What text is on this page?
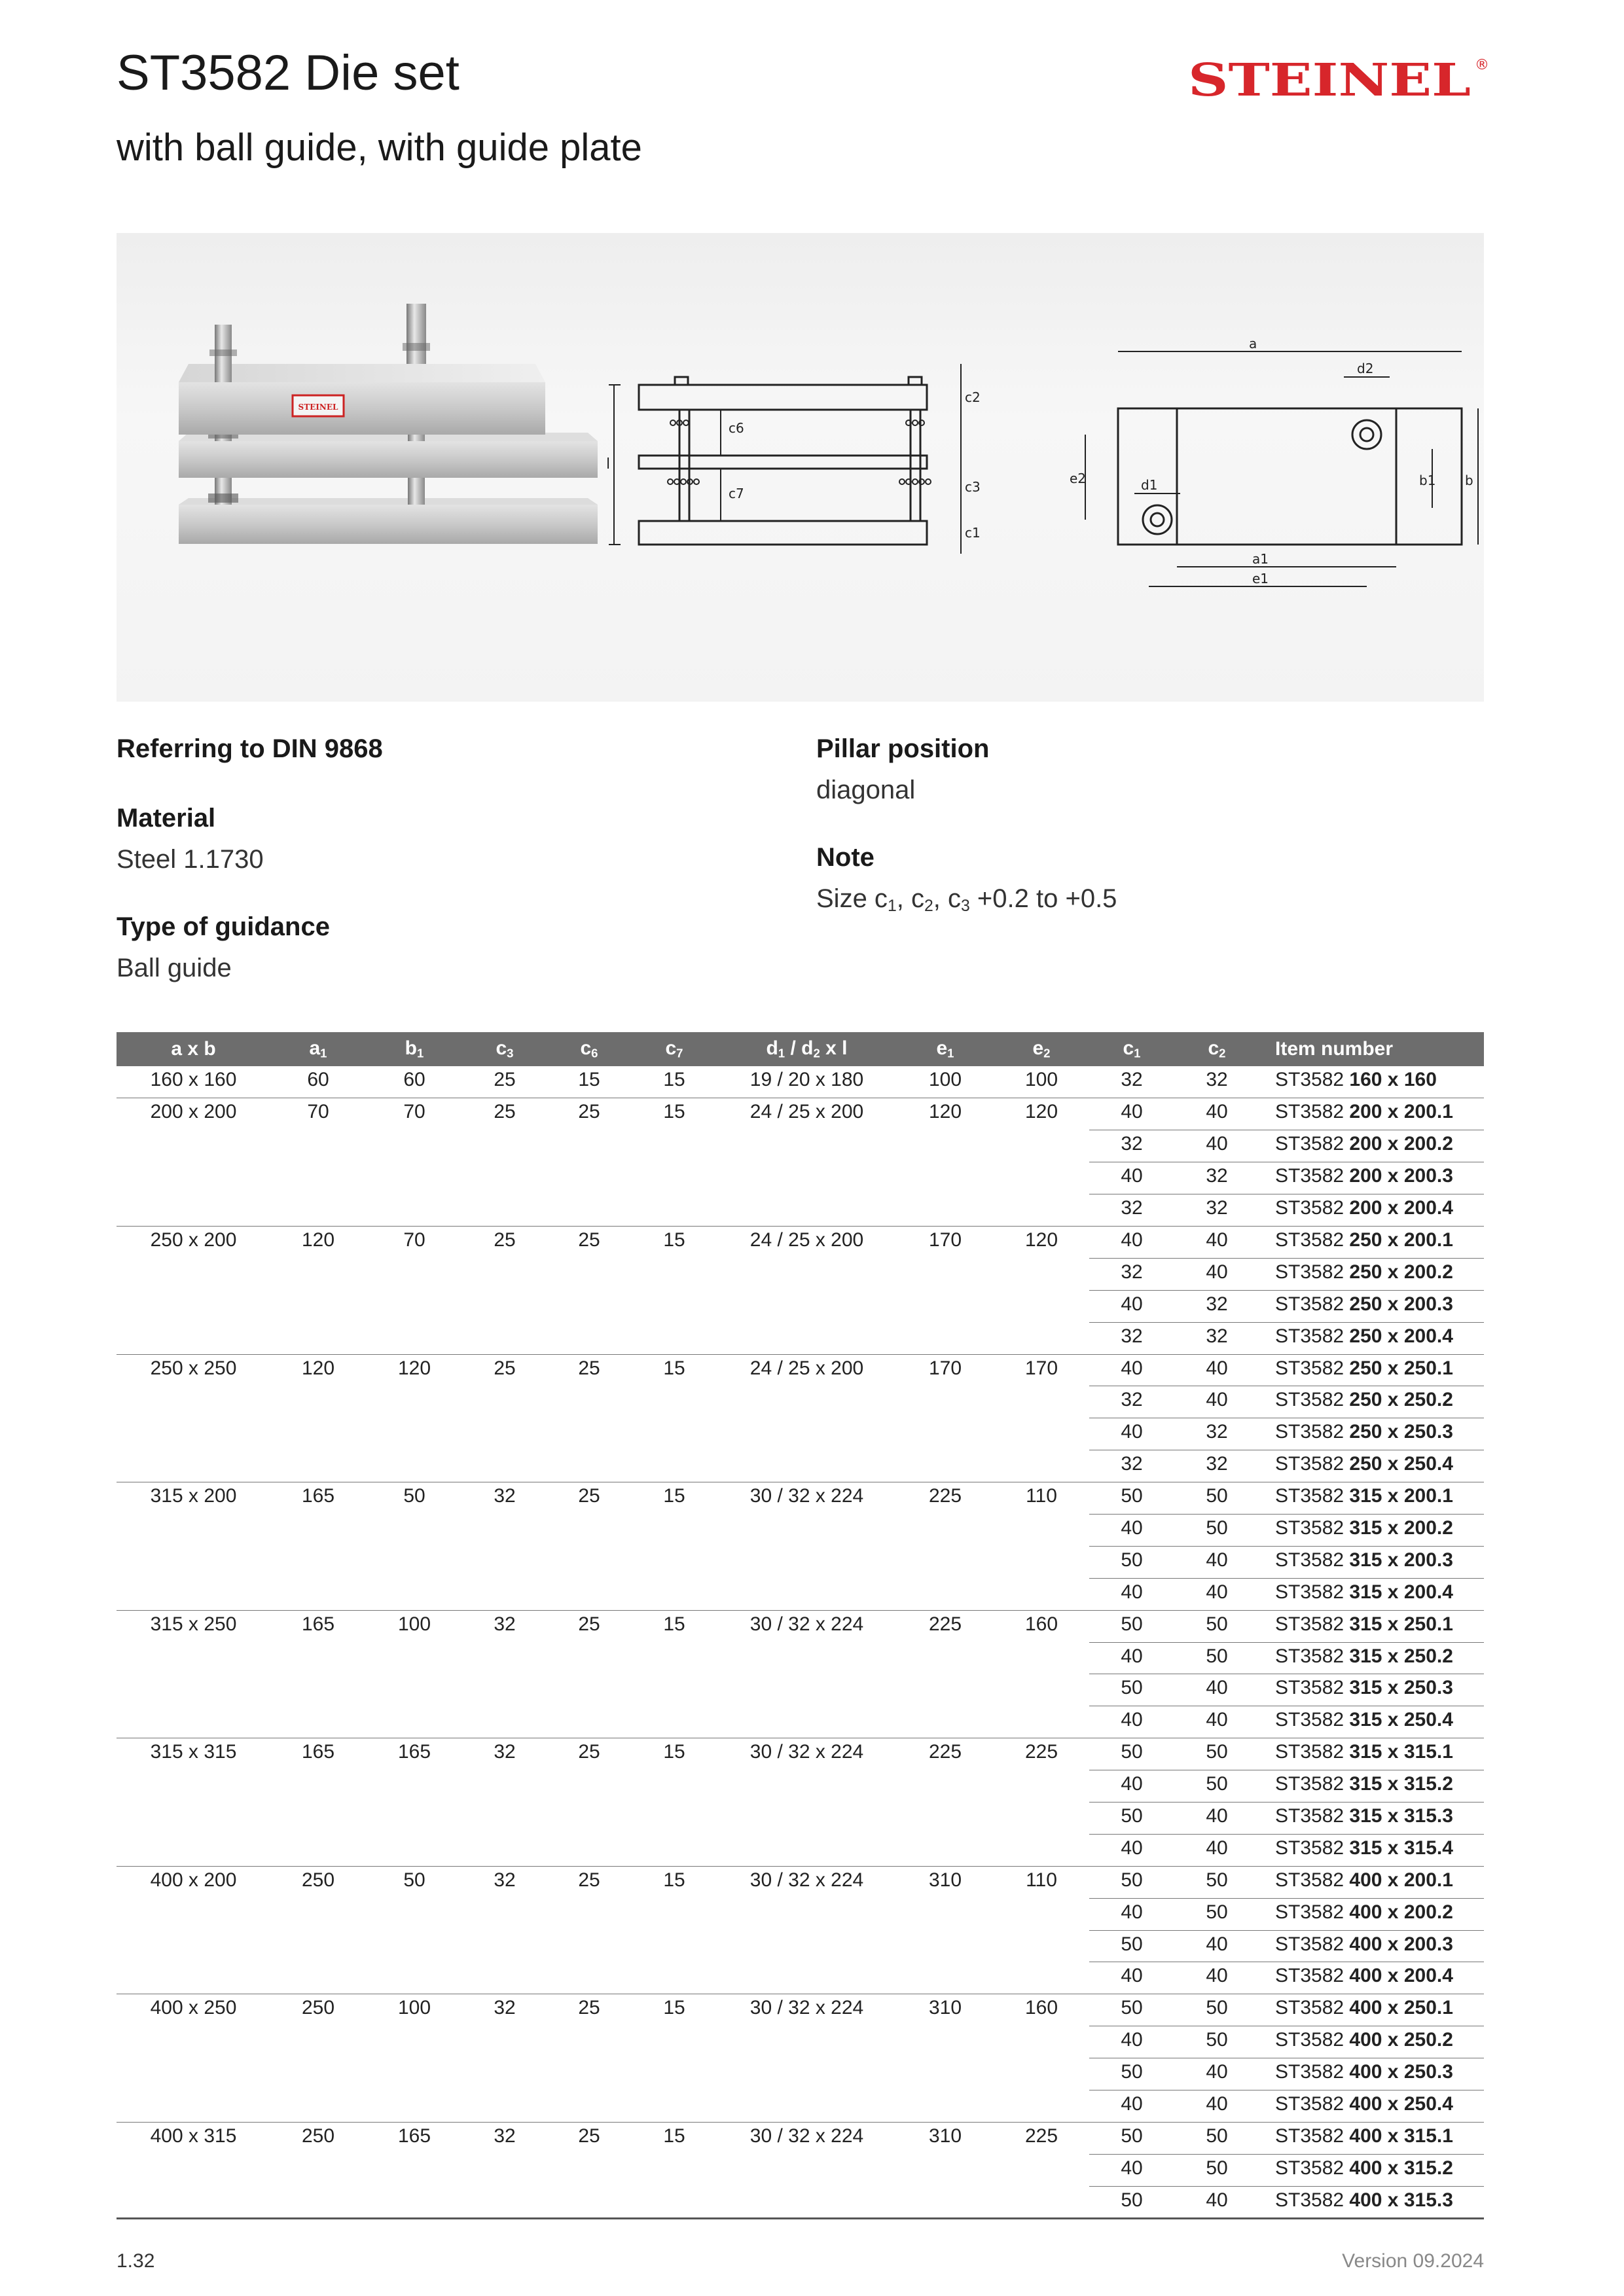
ST3582 Die set
with ball guide, with guide plate
STEINEL ®
STEINEL
l
c2
c3
c1
c6
c7
a
d2
d1
e2	b
b1
a1
e1
Referring to DIN 9868
Material
Steel 1.1730
Type of guidance
Ball guide
Pillar position
diagonal
Note
Size $c_1$, $c_2$, $c_3 +0.2$ to +0.5
a x b	$a_1$	$b_1$	$c_3$	$c_6$	$c_7$	$d_1 / d_2$ x l	$e_1$	$e_2$	$c_1$	$c_2$	Item number
160 x 160	60	60	25	15	15	19 / 20 x 180	100	100	32	32	ST3582 160 x 160
200 x 200	70	70	25	25	15	24 / 25 x 200	120	120	40	40	ST3582 200 x 200.1
									32	40	ST3582 200 x 200.2
									40	32	ST3582 200 x 200.3
									32	32	ST3582 200 x 200.4
250 x 200	120	70	25	25	15	24 / 25 x 200	170	120	40	40	ST3582 250 x 200.1
									32	40	ST3582 250 x 200.2
									40	32	ST3582 250 x 200.3
									32	32	ST3582 250 x 200.4
250 x 250	120	120	25	25	15	24 / 25 x 200	170	170	40	40	ST3582 250 x 250.1
									32	40	ST3582 250 x 250.2
									40	32	ST3582 250 x 250.3
									32	32	ST3582 250 x 250.4
315 x 200	165	50	32	25	15	30 / 32 x 224	225	110	50	50	ST3582 315 x 200.1
									40	50	ST3582 315 x 200.2
									50	40	ST3582 315 x 200.3
									40	40	ST3582 315 x 200.4
315 x 250	165	100	32	25	15	30 / 32 x 224	225	160	50	50	ST3582 315 x 250.1
									40	50	ST3582 315 x 250.2
									50	40	ST3582 315 x 250.3
									40	40	ST3582 315 x 250.4
315 x 315	165	165	32	25	15	30 / 32 x 224	225	225	50	50	ST3582 315 x 315.1
									40	50	ST3582 315 x 315.2
									50	40	ST3582 315 x 315.3
									40	40	ST3582 315 x 315.4
400 x 200	250	50	32	25	15	30 / 32 x 224	310	110	50	50	ST3582 400 x 200.1
									40	50	ST3582 400 x 200.2
									50	40	ST3582 400 x 200.3
									40	40	ST3582 400 x 200.4
400 x 250	250	100	32	25	15	30 / 32 x 224	310	160	50	50	ST3582 400 x 250.1
									40	50	ST3582 400 x 250.2
									50	40	ST3582 400 x 250.3
									40	40	ST3582 400 x 250.4
400 x 315	250	165	32	25	15	30 / 32 x 224	310	225	50	50	ST3582 400 x 315.1
									40	50	ST3582 400 x 315.2
									50	40	ST3582 400 x 315.3
1.32	Version 09.2024
